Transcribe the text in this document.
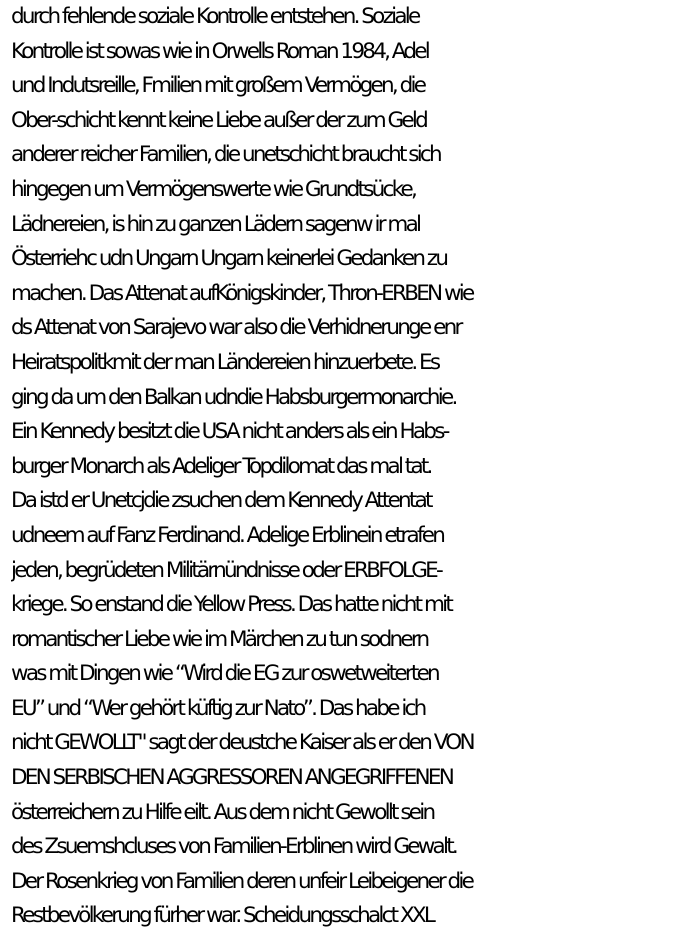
durch fehlende soziale Kontrolle entstehen. Soziale
Kontrolle ist sowas wie in Orwells Roman 1984, Adel
und Indutsreille, Fmilien mit großem Vermögen, die
Ober-schicht kennt keine Liebe außer der zum Geld
anderer reicher Familien, die unetschicht braucht sich
hingegen um Vermögenswerte wie Grundtsücke,
Lädnereien, is hin zu ganzen Lädern sagenw ir mal
Österriehc udn Ungarn Ungarn keinerlei Gedanken zu
machen. Das Attenat aufKönigskinder, Thron-ERBEN wie
ds Attenat von Sarajevo war also die Verhidnerunge enr
Heiratspolitkmit der man Ländereien hinzuerbete. Es
ging da um den Balkan udndie Habsburgermonarchie.
Ein Kennedy besitzt die USA nicht anders als ein Habs-
burger Monarch als Adeliger Topdilomat das mal tat.
Da istd er Unetcjdie zsuchen dem Kennedy Attentat
udneem auf Fanz Ferdinand. Adelige Erblinein etrafen
jeden, begrüdeten Militärnündnisse oder ERBFOLGE-
kriege. So enstand die Yellow Press. Das hatte nicht mit
romantischer Liebe wie im Märchen zu tun sodnern
was mit Dingen wie “Wird die EG zur oswetweiterten
EU” und “Wer gehört küftig zur Nato”. Das habe ich
nicht GEWOLLT" sagt der deustche Kaiser als er den VON
DEN SERBISCHEN AGGRESSOREN ANGEGRIFFENEN
österreichern zu Hilfe eilt. Aus dem nicht Gewollt sein
des Zsuemshcluses von Familien-Erblinen wird Gewalt.
Der Rosenkrieg von Familien deren unfeir Leibeigener die
Restbevölkerung fürher war. Scheidungsschalct XXL
